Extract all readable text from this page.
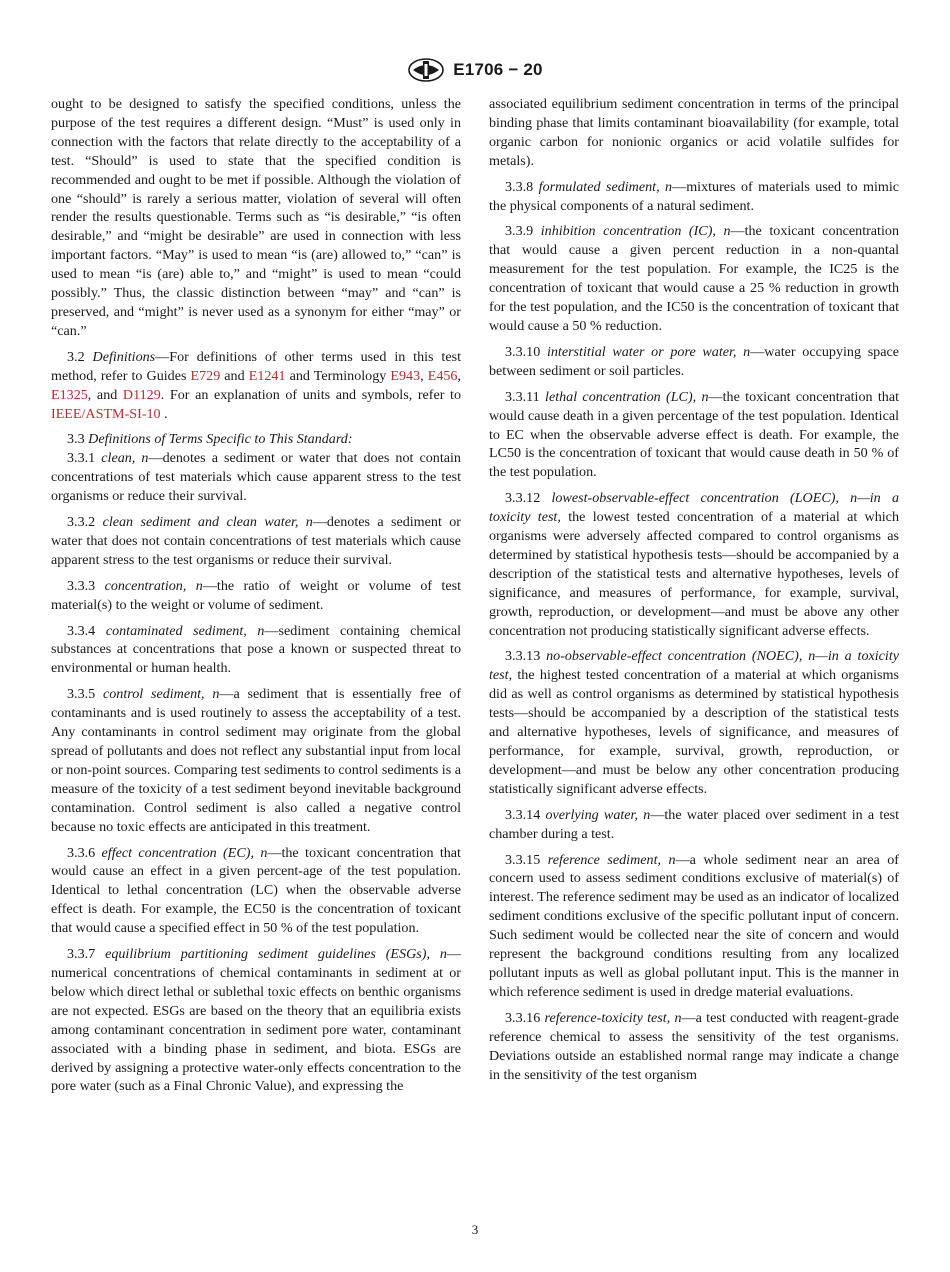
E1706 − 20

ought to be designed to satisfy the specified conditions, unless the purpose of the test requires a different design. “Must” is used only in connection with the factors that relate directly to the acceptability of a test. “Should” is used to state that the specified condition is recommended and ought to be met if possible. Although the violation of one “should” is rarely a serious matter, violation of several will often render the results questionable. Terms such as “is desirable,” “is often desirable,” and “might be desirable” are used in connection with less important factors. “May” is used to mean “is (are) allowed to,” “can” is used to mean “is (are) able to,” and “might” is used to mean “could possibly.” Thus, the classic distinction between “may” and “can” is preserved, and “might” is never used as a synonym for either “may” or “can.”

3.2 Definitions—For definitions of other terms used in this test method, refer to Guides E729 and E1241 and Terminology E943, E456, E1325, and D1129. For an explanation of units and symbols, refer to IEEE/ASTM-SI-10 .

3.3 Definitions of Terms Specific to This Standard:

3.3.1 clean, n—denotes a sediment or water that does not contain concentrations of test materials which cause apparent stress to the test organisms or reduce their survival.

3.3.2 clean sediment and clean water, n—denotes a sediment or water that does not contain concentrations of test materials which cause apparent stress to the test organisms or reduce their survival.

3.3.3 concentration, n—the ratio of weight or volume of test material(s) to the weight or volume of sediment.

3.3.4 contaminated sediment, n—sediment containing chemical substances at concentrations that pose a known or suspected threat to environmental or human health.

3.3.5 control sediment, n—a sediment that is essentially free of contaminants and is used routinely to assess the acceptability of a test. Any contaminants in control sediment may originate from the global spread of pollutants and does not reflect any substantial input from local or non-point sources. Comparing test sediments to control sediments is a measure of the toxicity of a test sediment beyond inevitable background contamination. Control sediment is also called a negative control because no toxic effects are anticipated in this treatment.

3.3.6 effect concentration (EC), n—the toxicant concentration that would cause an effect in a given percent-age of the test population. Identical to lethal concentration (LC) when the observable adverse effect is death. For example, the EC50 is the concentration of toxicant that would cause a specified effect in 50 % of the test population.

3.3.7 equilibrium partitioning sediment guidelines (ESGs), n—numerical concentrations of chemical contaminants in sediment at or below which direct lethal or sublethal toxic effects on benthic organisms are not expected. ESGs are based on the theory that an equilibria exists among contaminant concentration in sediment pore water, contaminant associated with a binding phase in sediment, and biota. ESGs are derived by assigning a protective water-only effects concentration to the pore water (such as a Final Chronic Value), and expressing the

associated equilibrium sediment concentration in terms of the principal binding phase that limits contaminant bioavailability (for example, total organic carbon for nonionic organics or acid volatile sulfides for metals).

3.3.8 formulated sediment, n—mixtures of materials used to mimic the physical components of a natural sediment.

3.3.9 inhibition concentration (IC), n—the toxicant concentration that would cause a given percent reduction in a non-quantal measurement for the test population. For example, the IC25 is the concentration of toxicant that would cause a 25 % reduction in growth for the test population, and the IC50 is the concentration of toxicant that would cause a 50 % reduction.

3.3.10 interstitial water or pore water, n—water occupying space between sediment or soil particles.

3.3.11 lethal concentration (LC), n—the toxicant concentration that would cause death in a given percentage of the test population. Identical to EC when the observable adverse effect is death. For example, the LC50 is the concentration of toxicant that would cause death in 50 % of the test population.

3.3.12 lowest-observable-effect concentration (LOEC), n—in a toxicity test, the lowest tested concentration of a material at which organisms were adversely affected compared to control organisms as determined by statistical hypothesis tests—should be accompanied by a description of the statistical tests and alternative hypotheses, levels of significance, and measures of performance, for example, survival, growth, reproduction, or development—and must be above any other concentration not producing statistically significant adverse effects.

3.3.13 no-observable-effect concentration (NOEC), n—in a toxicity test, the highest tested concentration of a material at which organisms did as well as control organisms as determined by statistical hypothesis tests—should be accompanied by a description of the statistical tests and alternative hypotheses, levels of significance, and measures of performance, for example, survival, growth, reproduction, or development—and must be below any other concentration producing statistically significant adverse effects.

3.3.14 overlying water, n—the water placed over sediment in a test chamber during a test.

3.3.15 reference sediment, n—a whole sediment near an area of concern used to assess sediment conditions exclusive of material(s) of interest. The reference sediment may be used as an indicator of localized sediment conditions exclusive of the specific pollutant input of concern. Such sediment would be collected near the site of concern and would represent the background conditions resulting from any localized pollutant inputs as well as global pollutant input. This is the manner in which reference sediment is used in dredge material evaluations.

3.3.16 reference-toxicity test, n—a test conducted with reagent-grade reference chemical to assess the sensitivity of the test organisms. Deviations outside an established normal range may indicate a change in the sensitivity of the test organism

3
